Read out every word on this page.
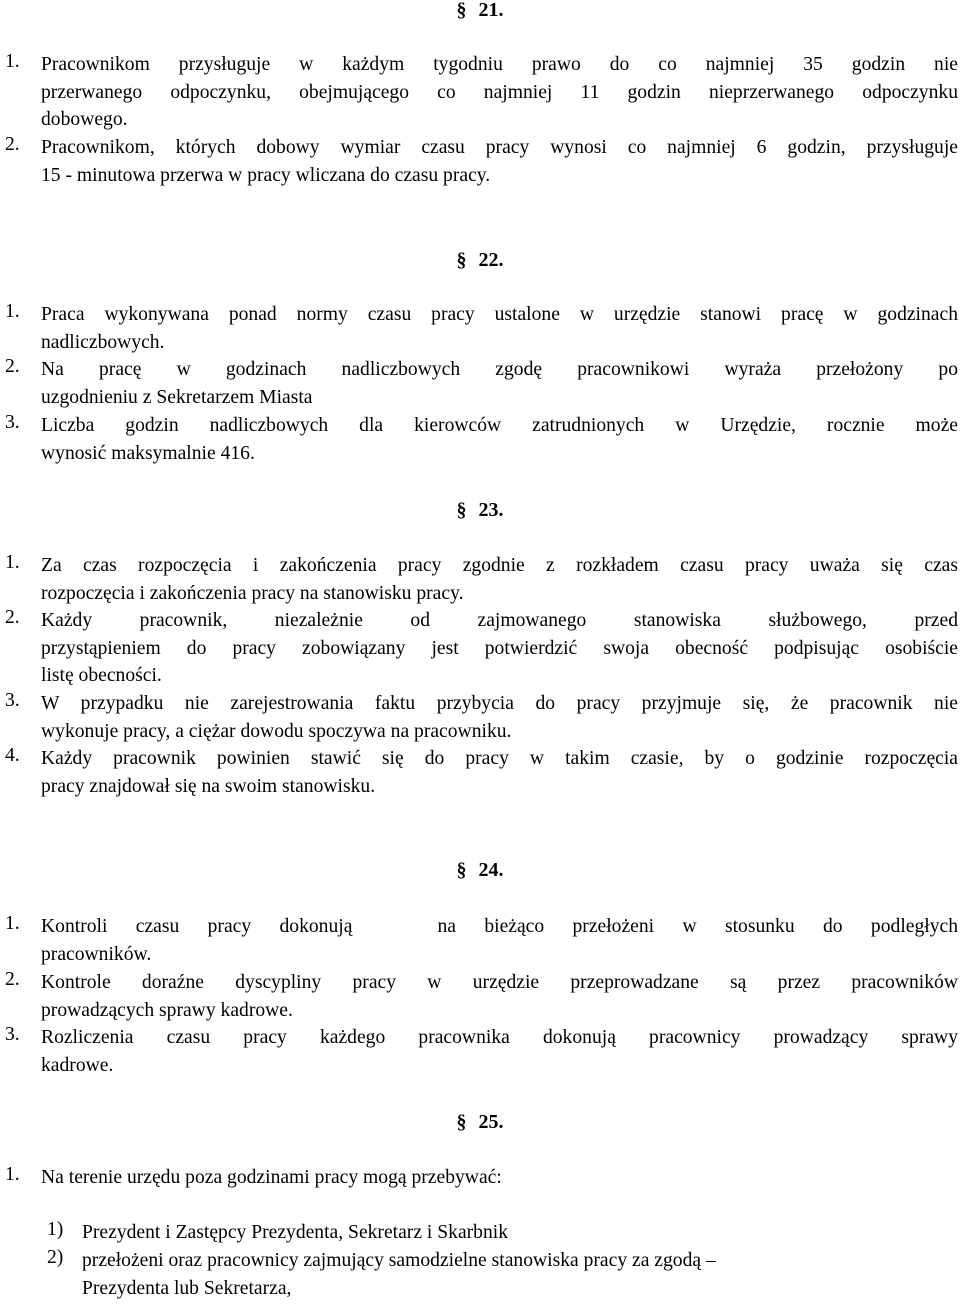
§ 21.
1. Pracownikom przysługuje w każdym tygodniu prawo do co najmniej 35 godzin nie
przerwanego odpoczynku, obejmującego co najmniej 11 godzin nieprzerwanego odpoczynku
dobowego.
2. Pracownikom, których dobowy wymiar czasu pracy wynosi co najmniej 6 godzin, przysługuje
15 - minutowa przerwa w pracy wliczana do czasu pracy.
§ 22.
1. Praca wykonywana ponad normy czasu pracy ustalone w urzędzie stanowi pracę w godzinach
nadliczbowych.
2. Na pracę w godzinach nadliczbowych zgodę pracownikowi wyraża przełożony po
uzgodnieniu z Sekretarzem Miasta
3. Liczba godzin nadliczbowych dla kierowców zatrudnionych w Urzędzie, rocznie może
wynosić maksymalnie 416.
§ 23.
1. Za czas rozpoczęcia i zakończenia pracy zgodnie z rozkładem czasu pracy uważa się czas
rozpoczęcia i zakończenia pracy na stanowisku pracy.
2. Każdy pracownik, niezależnie od zajmowanego stanowiska służbowego, przed
przystąpieniem do pracy zobowiązany jest potwierdzić swoja obecność podpisując osobiście
listę obecności.
3. W przypadku nie zarejestrowania faktu przybycia do pracy przyjmuje się, że pracownik nie
wykonuje pracy, a ciężar dowodu spoczywa na pracowniku.
4. Każdy pracownik powinien stawić się do pracy w takim czasie, by o godzinie rozpoczęcia
pracy znajdował się na swoim stanowisku.
§ 24.
1. Kontroli czasu pracy dokonują   na bieżąco przełożeni w stosunku do podległych
pracowników.
2. Kontrole doraźne dyscypliny pracy w urzędzie przeprowadzane są przez pracowników
prowadzących sprawy kadrowe.
3. Rozliczenia czasu pracy każdego pracownika dokonują pracownicy prowadzący sprawy
kadrowe.
§ 25.
1. Na terenie urzędu poza godzinami pracy mogą przebywać:
1) Prezydent i Zastępcy Prezydenta, Sekretarz i Skarbnik
2) przełożeni oraz pracownicy zajmujący samodzielne stanowiska pracy za zgodą –
Prezydenta lub Sekretarza,
